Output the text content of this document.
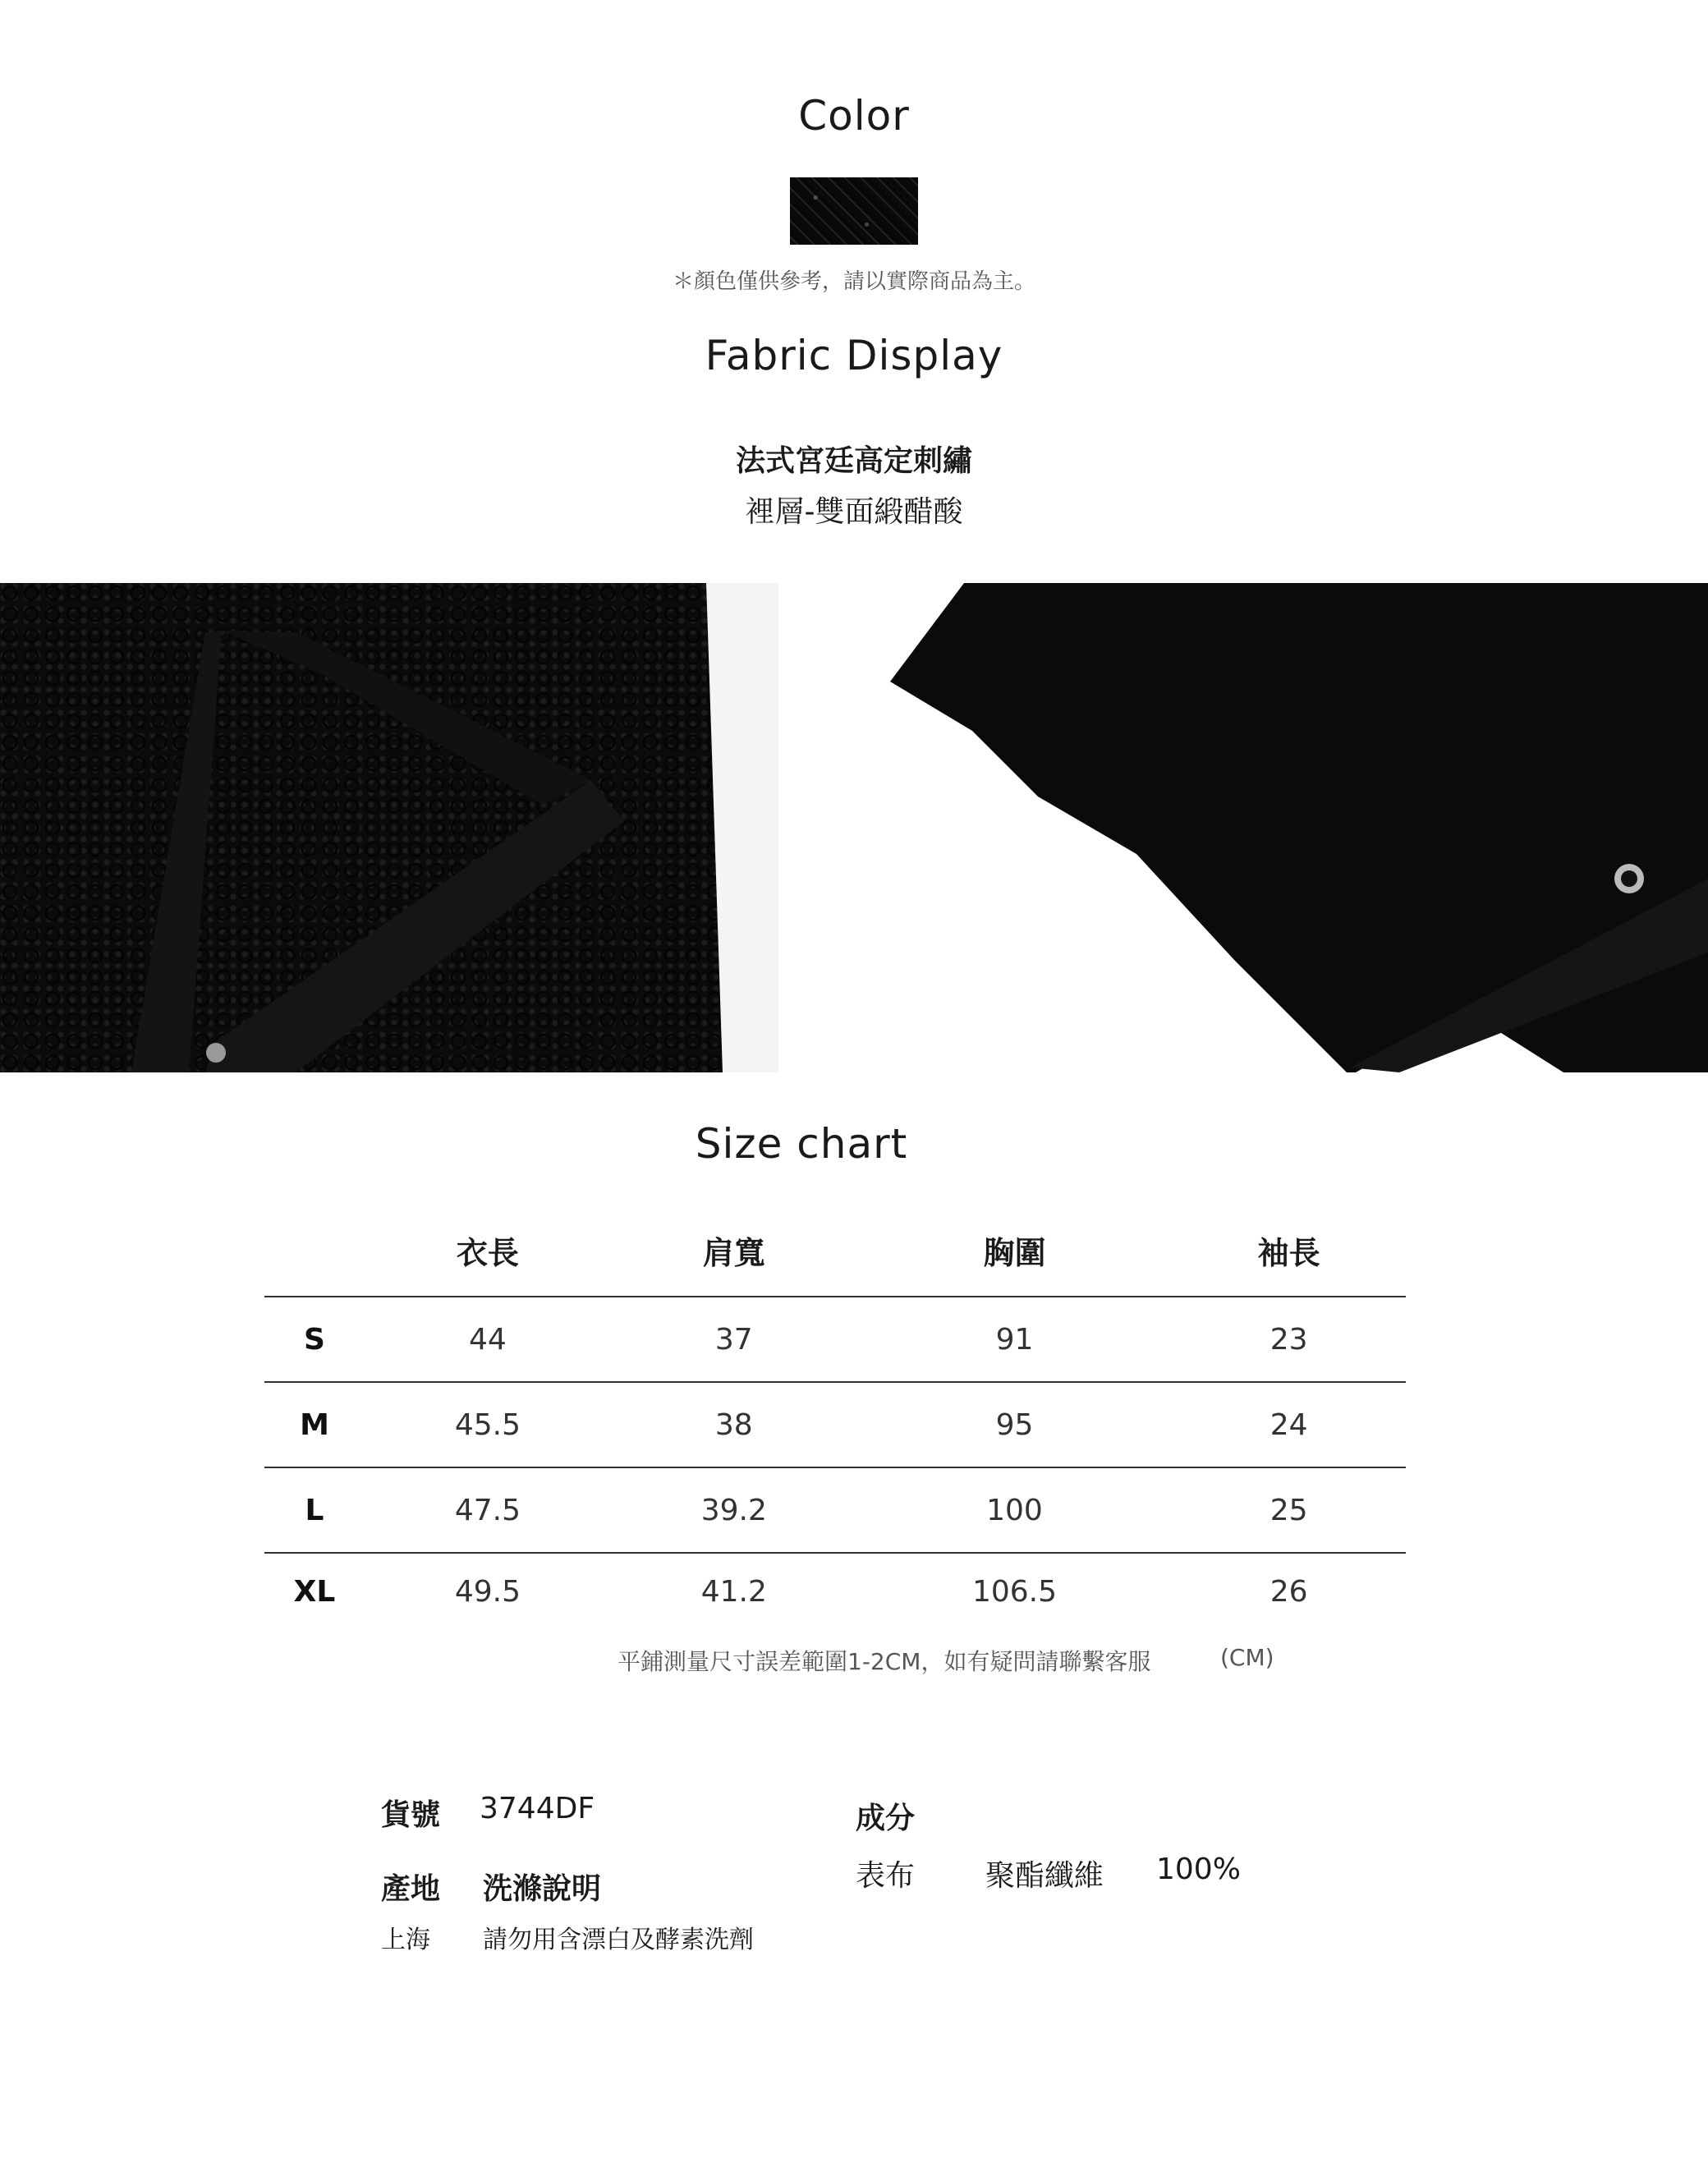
Color
＊顏色僅供參考，請以實際商品為主。
Fabric Display
法式宮廷高定刺繡
裡層-雙面緞醋酸
Size chart
	衣長	肩寬	胸圍	袖長
S	44	37	91	23
M	45.5	38	95	24
L	47.5	39.2	100	25
XL	49.5	41.2	106.5	26
平鋪測量尺寸誤差範圍1-2CM，如有疑問請聯繫客服	(CM)
貨號 3744DF
產地 洗滌說明
上海 請勿用含漂白及酵素洗劑
成分
表布 聚酯纖維 100%
